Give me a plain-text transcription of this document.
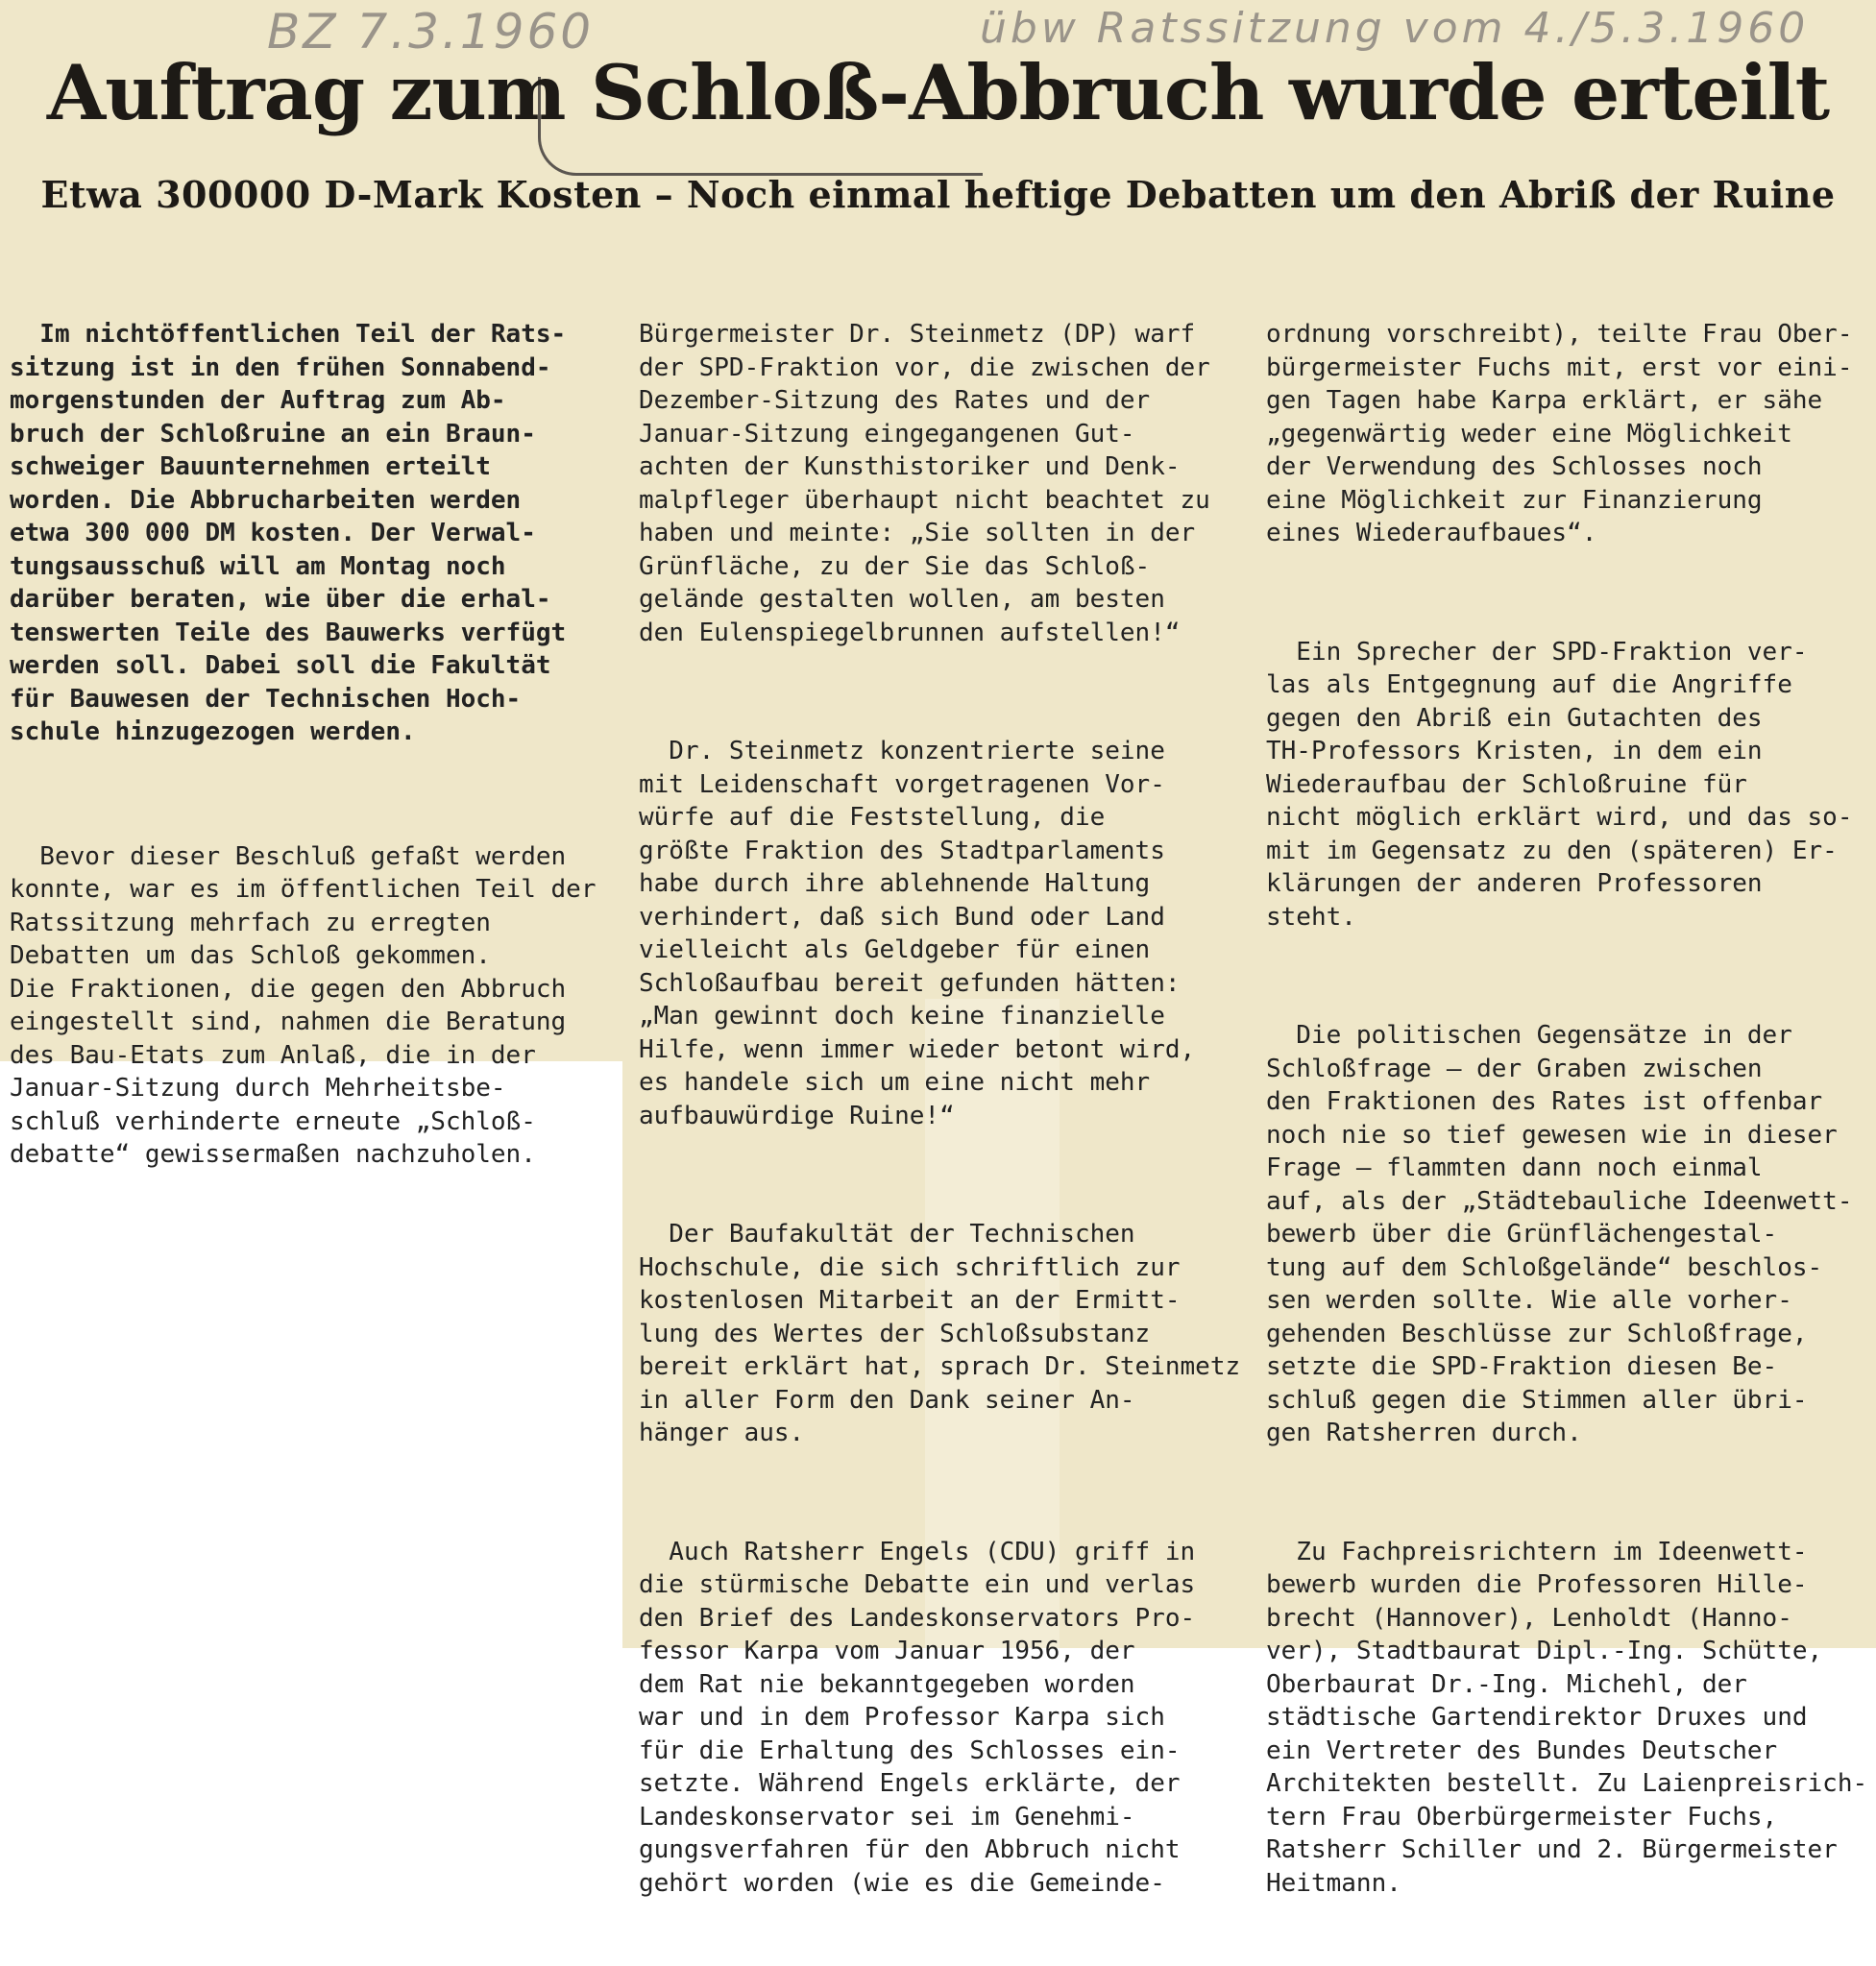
BZ 7.3.1960	übw Ratssitzung vom 4./5.3.1960
Auftrag zum Schloß-Abbruch wurde erteilt
Etwa 300000 D-Mark Kosten – Noch einmal heftige Debatten um den Abriß der Ruine

Im nichtöffentlichen Teil der Rats-
sitzung ist in den frühen Sonnabend-
morgenstunden der Auftrag zum Ab-
bruch der Schloßruine an ein Braun-
schweiger Bauunternehmen erteilt
worden. Die Abbrucharbeiten werden
etwa 300 000 DM kosten. Der Verwal-
tungsausschuß will am Montag noch
darüber beraten, wie über die erhal-
tenswerten Teile des Bauwerks verfügt
werden soll. Dabei soll die Fakultät
für Bauwesen der Technischen Hoch-
schule hinzugezogen werden.

Bevor dieser Beschluß gefaßt werden
konnte, war es im öffentlichen Teil der
Ratssitzung mehrfach zu erregten
Debatten um das Schloß gekommen.
Die Fraktionen, die gegen den Abbruch
eingestellt sind, nahmen die Beratung
des Bau-Etats zum Anlaß, die in der
Januar-Sitzung durch Mehrheitsbe-
schluß verhinderte erneute „Schloß-
debatte“ gewissermaßen nachzuholen.

Bürgermeister Dr. Steinmetz (DP) warf
der SPD-Fraktion vor, die zwischen der
Dezember-Sitzung des Rates und der
Januar-Sitzung eingegangenen Gut-
achten der Kunsthistoriker und Denk-
malpfleger überhaupt nicht beachtet zu
haben und meinte: „Sie sollten in der
Grünfläche, zu der Sie das Schloß-
gelände gestalten wollen, am besten
den Eulenspiegelbrunnen aufstellen!“

Dr. Steinmetz konzentrierte seine
mit Leidenschaft vorgetragenen Vor-
würfe auf die Feststellung, die
größte Fraktion des Stadtparlaments
habe durch ihre ablehnende Haltung
verhindert, daß sich Bund oder Land
vielleicht als Geldgeber für einen
Schloßaufbau bereit gefunden hätten:
„Man gewinnt doch keine finanzielle
Hilfe, wenn immer wieder betont wird,
es handele sich um eine nicht mehr
aufbauwürdige Ruine!“

Der Baufakultät der Technischen
Hochschule, die sich schriftlich zur
kostenlosen Mitarbeit an der Ermitt-
lung des Wertes der Schloßsubstanz
bereit erklärt hat, sprach Dr. Steinmetz
in aller Form den Dank seiner An-
hänger aus.

Auch Ratsherr Engels (CDU) griff in
die stürmische Debatte ein und verlas
den Brief des Landeskonservators Pro-
fessor Karpa vom Januar 1956, der
dem Rat nie bekanntgegeben worden
war und in dem Professor Karpa sich
für die Erhaltung des Schlosses ein-
setzte. Während Engels erklärte, der
Landeskonservator sei im Genehmi-
gungsverfahren für den Abbruch nicht
gehört worden (wie es die Gemeinde-

ordnung vorschreibt), teilte Frau Ober-
bürgermeister Fuchs mit, erst vor eini-
gen Tagen habe Karpa erklärt, er sähe
„gegenwärtig weder eine Möglichkeit
der Verwendung des Schlosses noch
eine Möglichkeit zur Finanzierung
eines Wiederaufbaues“.

Ein Sprecher der SPD-Fraktion ver-
las als Entgegnung auf die Angriffe
gegen den Abriß ein Gutachten des
TH-Professors Kristen, in dem ein
Wiederaufbau der Schloßruine für
nicht möglich erklärt wird, und das so-
mit im Gegensatz zu den (späteren) Er-
klärungen der anderen Professoren
steht.

Die politischen Gegensätze in der
Schloßfrage — der Graben zwischen
den Fraktionen des Rates ist offenbar
noch nie so tief gewesen wie in dieser
Frage — flammten dann noch einmal
auf, als der „Städtebauliche Ideenwett-
bewerb über die Grünflächengestal-
tung auf dem Schloßgelände“ beschlos-
sen werden sollte. Wie alle vorher-
gehenden Beschlüsse zur Schloßfrage,
setzte die SPD-Fraktion diesen Be-
schluß gegen die Stimmen aller übri-
gen Ratsherren durch.

Zu Fachpreisrichtern im Ideenwett-
bewerb wurden die Professoren Hille-
brecht (Hannover), Lenholdt (Hanno-
ver), Stadtbaurat Dipl.-Ing. Schütte,
Oberbaurat Dr.-Ing. Michehl, der
städtische Gartendirektor Druxes und
ein Vertreter des Bundes Deutscher
Architekten bestellt. Zu Laienpreisrich-
tern Frau Oberbürgermeister Fuchs,
Ratsherr Schiller und 2. Bürgermeister
Heitmann.
